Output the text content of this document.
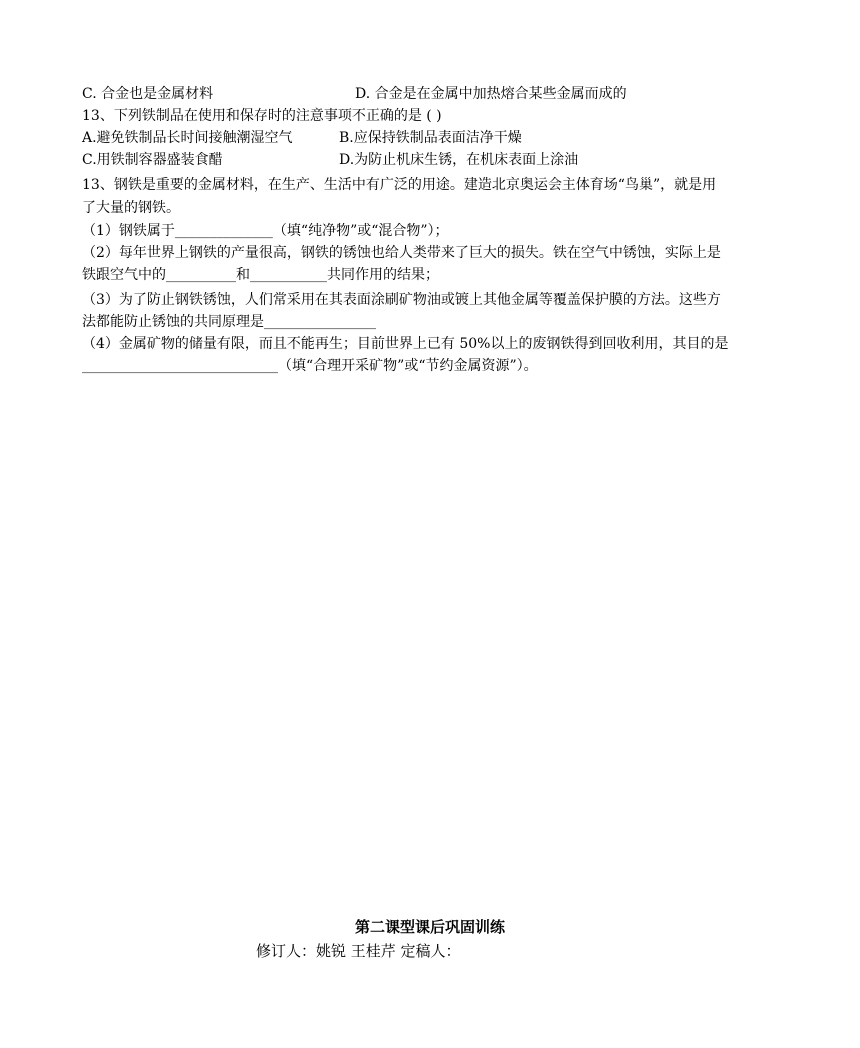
C. 合金也是金属材料	D. 合金是在金属中加热熔合某些金属而成的
13、下列铁制品在使用和保存时的注意事项不正确的是 ( )
A.避免铁制品长时间接触潮湿空气	B.应保持铁制品表面洁净干燥
C.用铁制容器盛装食醋	D.为防止机床生锈，在机床表面上涂油
13、钢铁是重要的金属材料，在生产、生活中有广泛的用途。建造北京奥运会主体育场“鸟巢”，就是用
了大量的钢铁。
（1）钢铁属于______________（填“纯净物”或“混合物”）；
（2）每年世界上钢铁的产量很高，钢铁的锈蚀也给人类带来了巨大的损失。铁在空气中锈蚀，实际上是
铁跟空气中的__________和___________共同作用的结果；
（3）为了防止钢铁锈蚀，人们常采用在其表面涂刷矿物油或镀上其他金属等覆盖保护膜的方法。这些方
法都能防止锈蚀的共同原理是________________
（4）金属矿物的储量有限，而且不能再生；目前世界上已有 50%以上的废钢铁得到回收利用，其目的是
____________________________（填“合理开采矿物”或“节约金属资源”）。
第二课型课后巩固训练
修订人：姚锐 王桂芹 定稿人：
